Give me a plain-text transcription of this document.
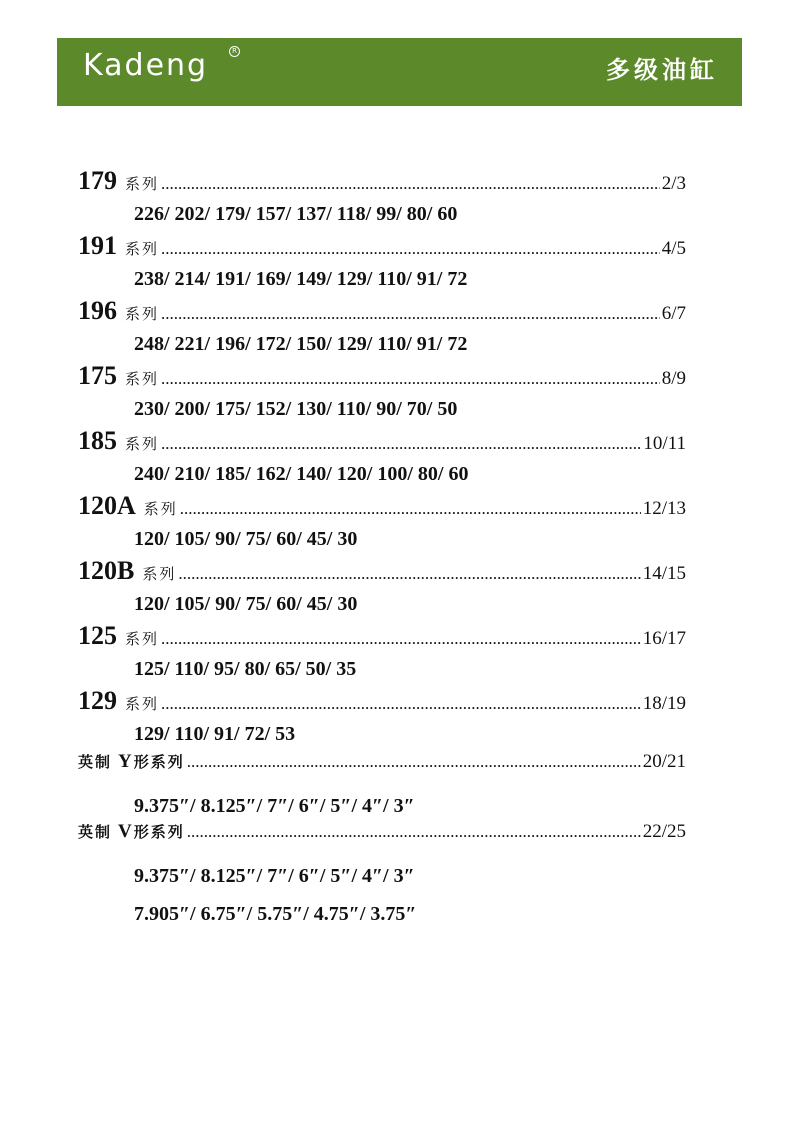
Kadeng	R
多级油缸
179 系列 .....	2/3
226/ 202/ 179/ 157/ 137/ 118/ 99/ 80/ 60
191 系列 .....	4/5
238/ 214/ 191/ 169/ 149/ 129/ 110/ 91/ 72
196 系列 .....	6/7
248/ 221/ 196/ 172/ 150/ 129/ 110/ 91/ 72
175 系列 .....	8/9
230/ 200/ 175/ 152/ 130/ 110/ 90/ 70/ 50
185 系列 .....	10/11
240/ 210/ 185/ 162/ 140/ 120/ 100/ 80/ 60
120A 系列 .....	12/13
120/ 105/ 90/ 75/ 60/ 45/ 30
120B 系列 .....	14/15
120/ 105/ 90/ 75/ 60/ 45/ 30
125 系列 .....	16/17
125/ 110/ 95/ 80/ 65/ 50/ 35
129 系列 .....	18/19
129/ 110/ 91/ 72/ 53
英制 Y 形系列 .....	20/21
9.375″/ 8.125″/ 7″/ 6″/ 5″/ 4″/ 3″
英制 V 形系列 .....	22/25
9.375″/ 8.125″/ 7″/ 6″/ 5″/ 4″/ 3″
7.905″/ 6.75″/ 5.75″/ 4.75″/ 3.75″
